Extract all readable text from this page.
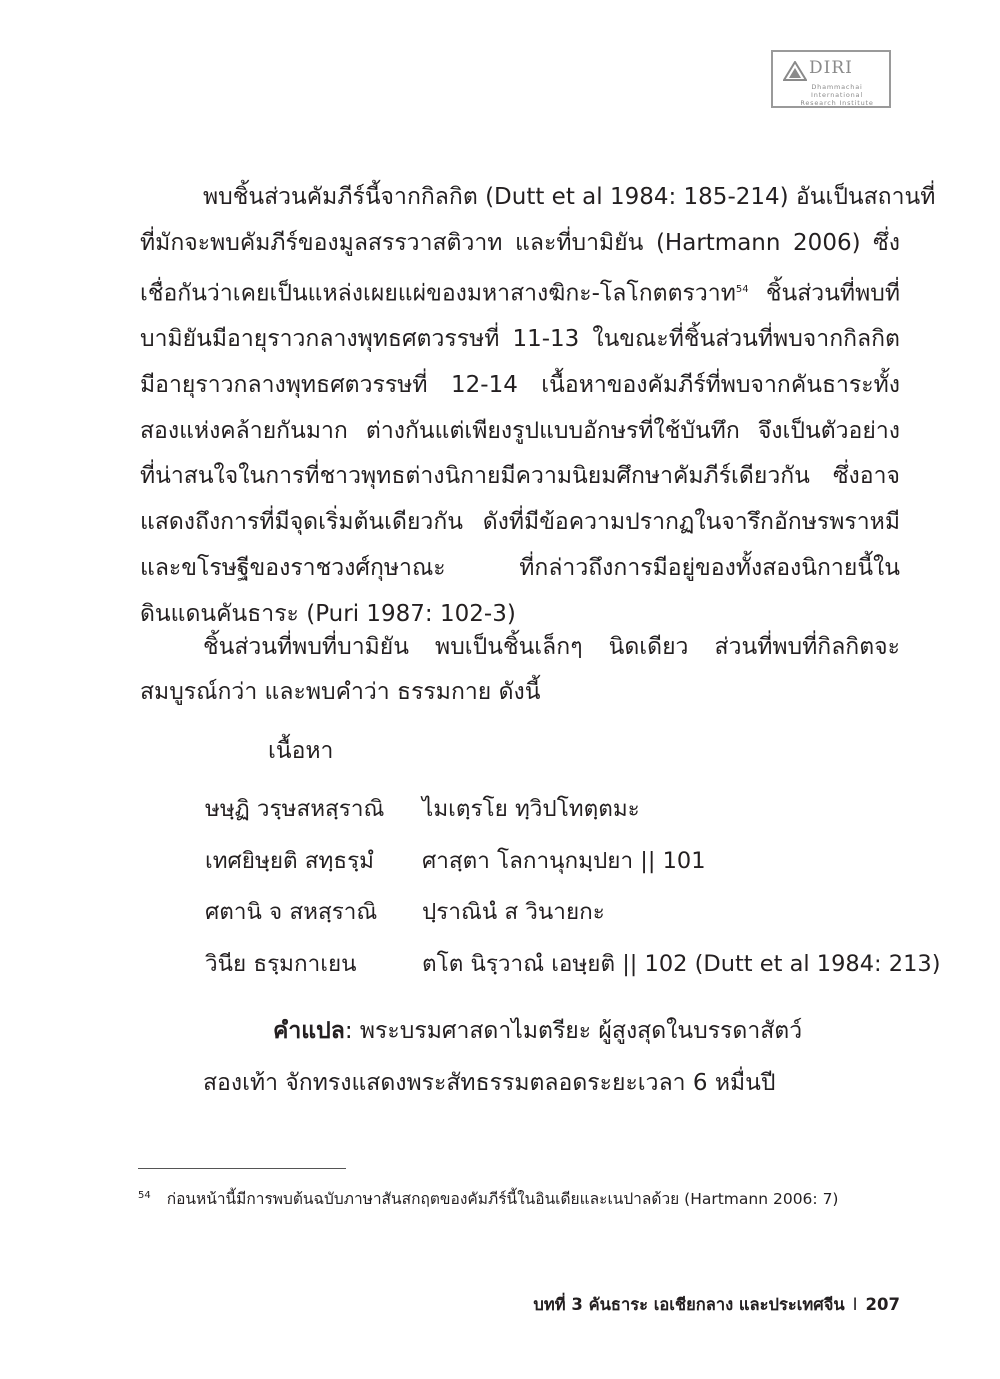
DIRI
Dhammachai International
Research Institute
พบชิ้นส่วนคัมภีร์นี้จากกิลกิต (Dutt et al 1984: 185-214) อันเป็นสถานที่
ที่มักจะพบคัมภีร์ของมูลสรรวาสติวาท และที่บามิยัน (Hartmann 2006) ซึ่ง
เชื่อกันว่าเคยเป็นแหล่งเผยแผ่ของมหาสางฆิกะ-โลโกตตรวาท$^{54}$ ชิ้นส่วนที่พบที่
บามิยันมีอายุราวกลางพุทธศตวรรษที่ 11-13 ในขณะที่ชิ้นส่วนที่พบจากกิลกิต
มีอายุราวกลางพุทธศตวรรษที่ 12-14 เนื้อหาของคัมภีร์ที่พบจากคันธาระทั้ง
สองแห่งคล้ายกันมาก ต่างกันแต่เพียงรูปแบบอักษรที่ใช้บันทึก จึงเป็นตัวอย่าง
ที่น่าสนใจในการที่ชาวพุทธต่างนิกายมีความนิยมศึกษาคัมภีร์เดียวกัน ซึ่งอาจ
แสดงถึงการที่มีจุดเริ่มต้นเดียวกัน ดังที่มีข้อความปรากฏในจารึกอักษรพราหมี
และขโรษฐีของราชวงศ์กุษาณะ ที่กล่าวถึงการมีอยู่ของทั้งสองนิกายนี้ใน
ดินแดนคันธาระ (Puri 1987: 102-3)
ชิ้นส่วนที่พบที่บามิยัน พบเป็นชิ้นเล็กๆ นิดเดียว ส่วนที่พบที่กิลกิตจะ
สมบูรณ์กว่า และพบคำว่า ธรรมกาย ดังนี้
เนื้อหา
ษษฺฏิ วรฺษสหสฺราณิ ไมเตฺรโย ทฺวิปโทตฺตมะ
เทศยิษฺยติ สทฺธรฺมํ ศาสฺตา โลกานุกมฺปยา || 101
ศตานิ จ สหสฺราณิ ปฺราณินํ ส วินายกะ
วินีย ธรฺมกาเยน	ตโต นิรฺวาณํ เอษฺยติ || 102 (Dutt et al 1984: 213)
คำแปล: พระบรมศาสดาไมตรียะ ผู้สูงสุดในบรรดาสัตว์
สองเท้า จักทรงแสดงพระสัทธรรมตลอดระยะเวลา 6 หมื่นปี
$^{54}$ ก่อนหน้านี้มีการพบต้นฉบับภาษาสันสกฤตของคัมภีร์นี้ในอินเดียและเนปาลด้วย (Hartmann 2006: 7)
บทที่ 3 คันธาระ เอเชียกลาง และประเทศจีน I 207
